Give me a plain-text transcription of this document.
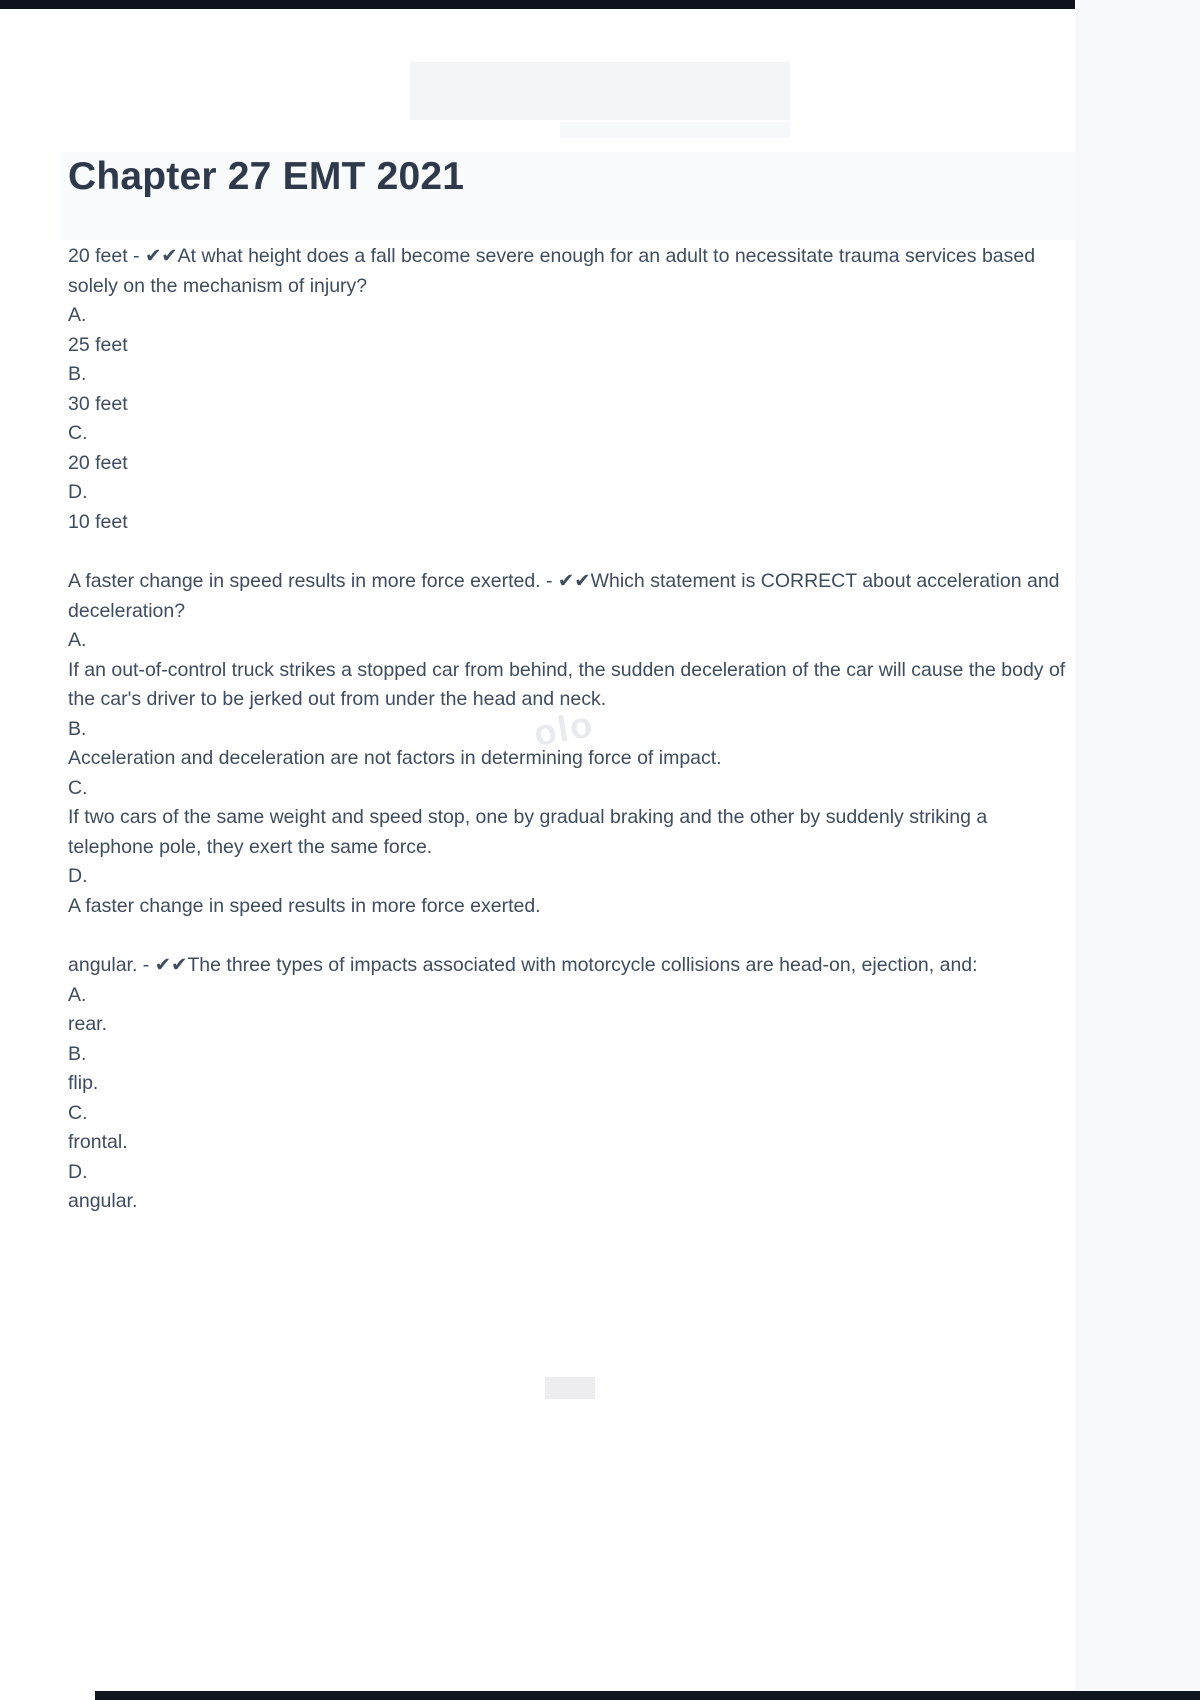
olo
Chapter 27 EMT 2021

20 feet - ✔✔At what height does a fall become severe enough for an adult to necessitate trauma services based solely on the mechanism of injury?

A.

25 feet

B.

30 feet

C.

20 feet

D.

10 feet

A faster change in speed results in more force exerted. - ✔✔Which statement is CORRECT about acceleration and deceleration?

A.

If an out-of-control truck strikes a stopped car from behind, the sudden deceleration of the car will cause the body of the car's driver to be jerked out from under the head and neck.

B.

Acceleration and deceleration are not factors in determining force of impact.

C.

If two cars of the same weight and speed stop, one by gradual braking and the other by suddenly striking a telephone pole, they exert the same force.

D.

A faster change in speed results in more force exerted.

angular. - ✔✔The three types of impacts associated with motorcycle collisions are head-on, ejection, and:

A.

rear.

B.

flip.

C.

frontal.

D.

angular.
